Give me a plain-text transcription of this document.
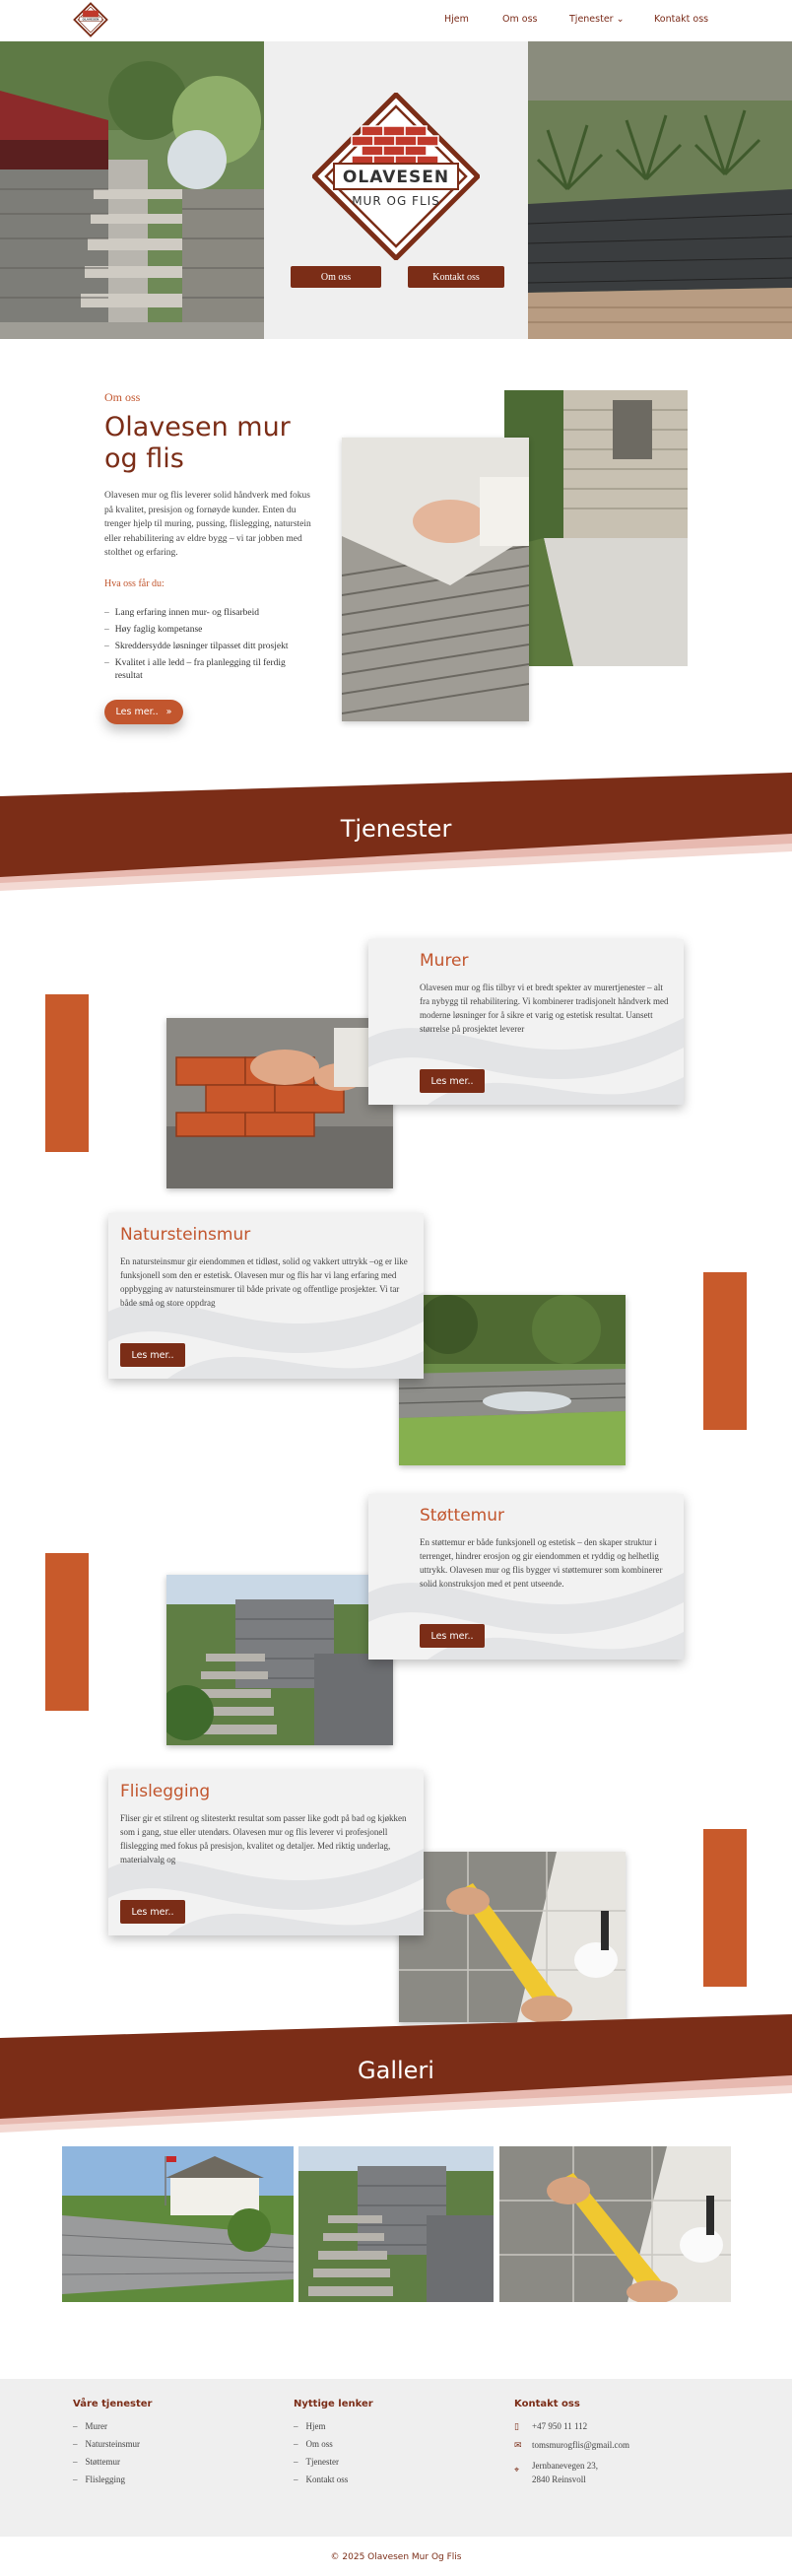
OLAVESEN	Hjem	Om oss	Tjenester ⌄	Kontakt oss
OLAVESEN
MUR OG FLIS
Om oss	Kontakt oss
Om oss
Olavesen mur og flis

Olavesen mur og flis leverer solid håndverk med fokus på kvalitet, presisjon og fornøyde kunder. Enten du trenger hjelp til muring, pussing, flislegging, naturstein eller rehabilitering av eldre bygg – vi tar jobben med stolthet og erfaring.

Hva oss får du:
– Lang erfaring innen mur- og flisarbeid
– Høy faglig kompetanse
– Skreddersydde løsninger tilpasset ditt prosjekt
– Kvalitet i alle ledd – fra planlegging til ferdig resultat
Les mer.. »
Tjenester
Murer
Olavesen mur og flis tilbyr vi et bredt spekter av murertjenester – alt fra nybygg til rehabilitering. Vi kombinerer tradisjonelt håndverk med moderne løsninger for å sikre et varig og estetisk resultat. Uansett størrelse på prosjektet leverer
Les mer..
Natursteinsmur
En natursteinsmur gir eiendommen et tidløst, solid og vakkert uttrykk –og er like funksjonell som den er estetisk. Olavesen mur og flis har vi lang erfaring med oppbygging av natursteinsmurer til både private og offentlige prosjekter. Vi tar både små og store oppdrag
Les mer..
Støttemur
En støttemur er både funksjonell og estetisk – den skaper struktur i terrenget, hindrer erosjon og gir eiendommen et ryddig og helhetlig uttrykk. Olavesen mur og flis bygger vi støttemurer som kombinerer solid konstruksjon med et pent utseende.
Les mer..
Flislegging
Fliser gir et stilrent og slitesterkt resultat som passer like godt på bad og kjøkken som i gang, stue eller utendørs. Olavesen mur og flis leverer vi profesjonell flislegging med fokus på presisjon, kvalitet og detaljer. Med riktig underlag, materialvalg og
Les mer..
Galleri
Våre tjenester
– Murer
– Natursteinsmur
– Støttemur
– Flislegging
Nyttige lenker
– Hjem
– Om oss
– Tjenester
– Kontakt oss
Kontakt oss
▯	+47 950 11 112
✉ tomsmurogflis@gmail.com
⌖	Jernbanevegen 23,
2840 Reinsvoll
© 2025 Olavesen Mur Og Flis
